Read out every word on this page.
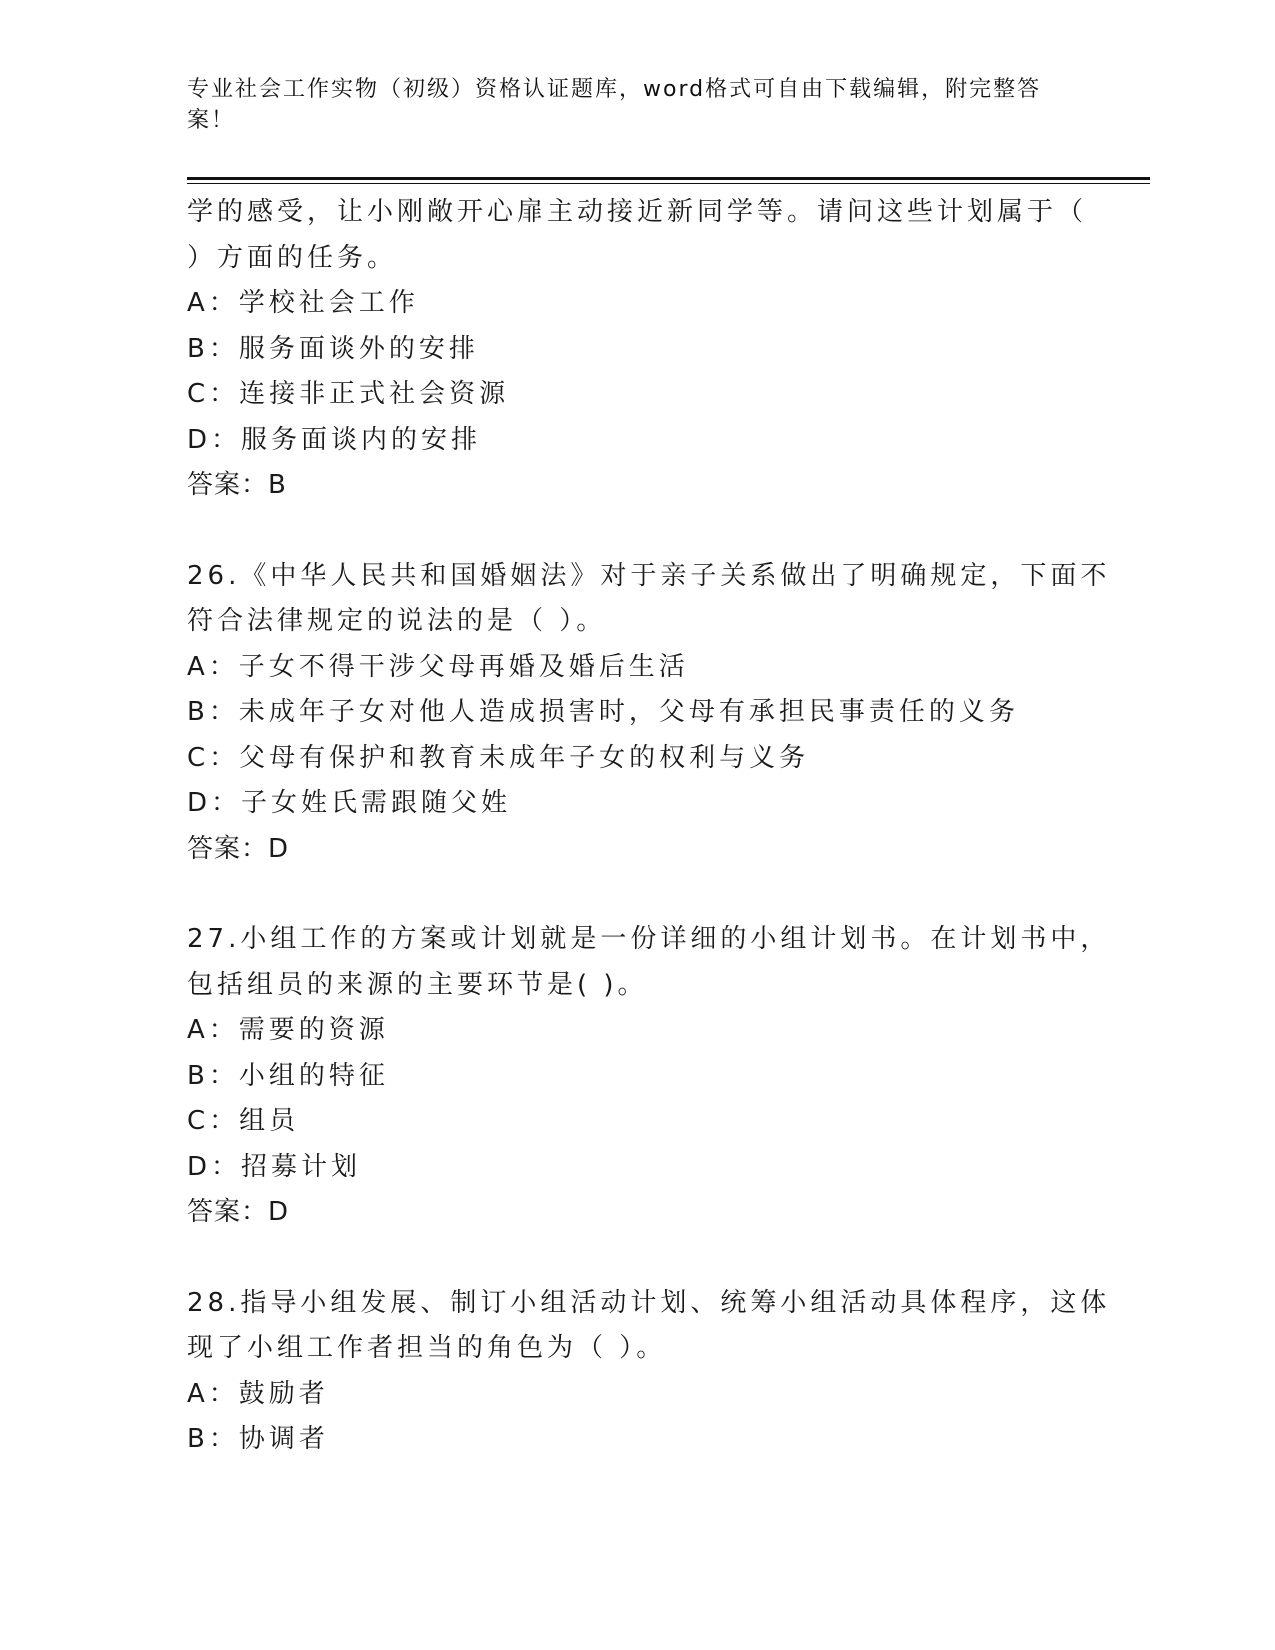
专业社会工作实物（初级）资格认证题库，word格式可自由下载编辑，附完整答
案！
学的感受，让小刚敞开心扉主动接近新同学等。请问这些计划属于（
）方面的任务。
A：学校社会工作
B：服务面谈外的安排
C：连接非正式社会资源
D：服务面谈内的安排
答案：B
26.《中华人民共和国婚姻法》对于亲子关系做出了明确规定，下面不
符合法律规定的说法的是（ ）。
A：子女不得干涉父母再婚及婚后生活
B：未成年子女对他人造成损害时，父母有承担民事责任的义务
C：父母有保护和教育未成年子女的权利与义务
D：子女姓氏需跟随父姓
答案：D
27.小组工作的方案或计划就是一份详细的小组计划书。在计划书中，
包括组员的来源的主要环节是( )。
A：需要的资源
B：小组的特征
C：组员
D：招募计划
答案：D
28.指导小组发展、制订小组活动计划、统筹小组活动具体程序，这体
现了小组工作者担当的角色为（ ）。
A：鼓励者
B：协调者
